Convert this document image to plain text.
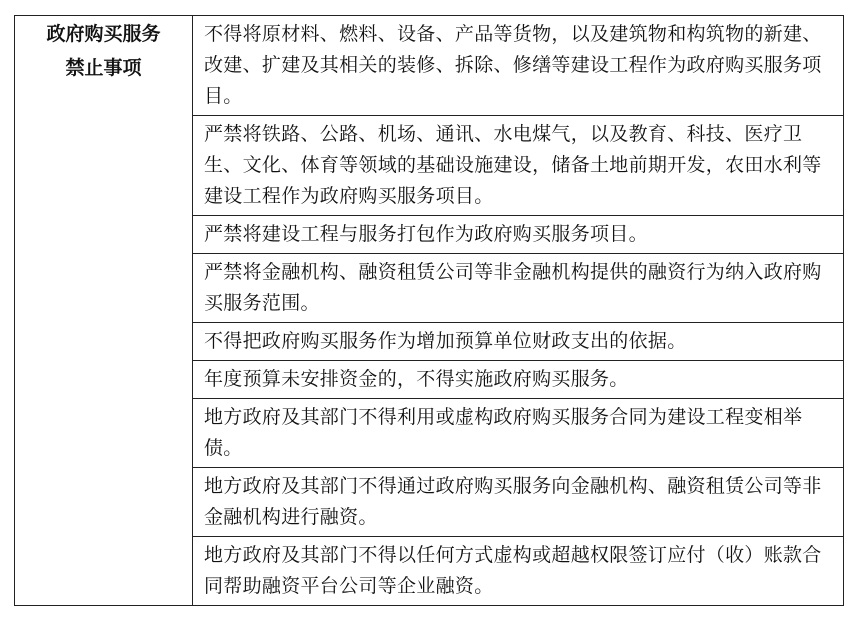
政府购买服务
禁止事项
	不得将原材料、燃料、设备、产品等货物，以及建筑物和构筑物的新建、改建、扩建及其相关的装修、拆除、修缮等建设工程作为政府购买服务项目。
严禁将铁路、公路、机场、通讯、水电煤气，以及教育、科技、医疗卫生、文化、体育等领域的基础设施建设，储备土地前期开发，农田水利等建设工程作为政府购买服务项目。
严禁将建设工程与服务打包作为政府购买服务项目。
严禁将金融机构、融资租赁公司等非金融机构提供的融资行为纳入政府购买服务范围。
不得把政府购买服务作为增加预算单位财政支出的依据。
年度预算未安排资金的，不得实施政府购买服务。
地方政府及其部门不得利用或虚构政府购买服务合同为建设工程变相举债。
地方政府及其部门不得通过政府购买服务向金融机构、融资租赁公司等非金融机构进行融资。
地方政府及其部门不得以任何方式虚构或超越权限签订应付（收）账款合同帮助融资平台公司等企业融资。
